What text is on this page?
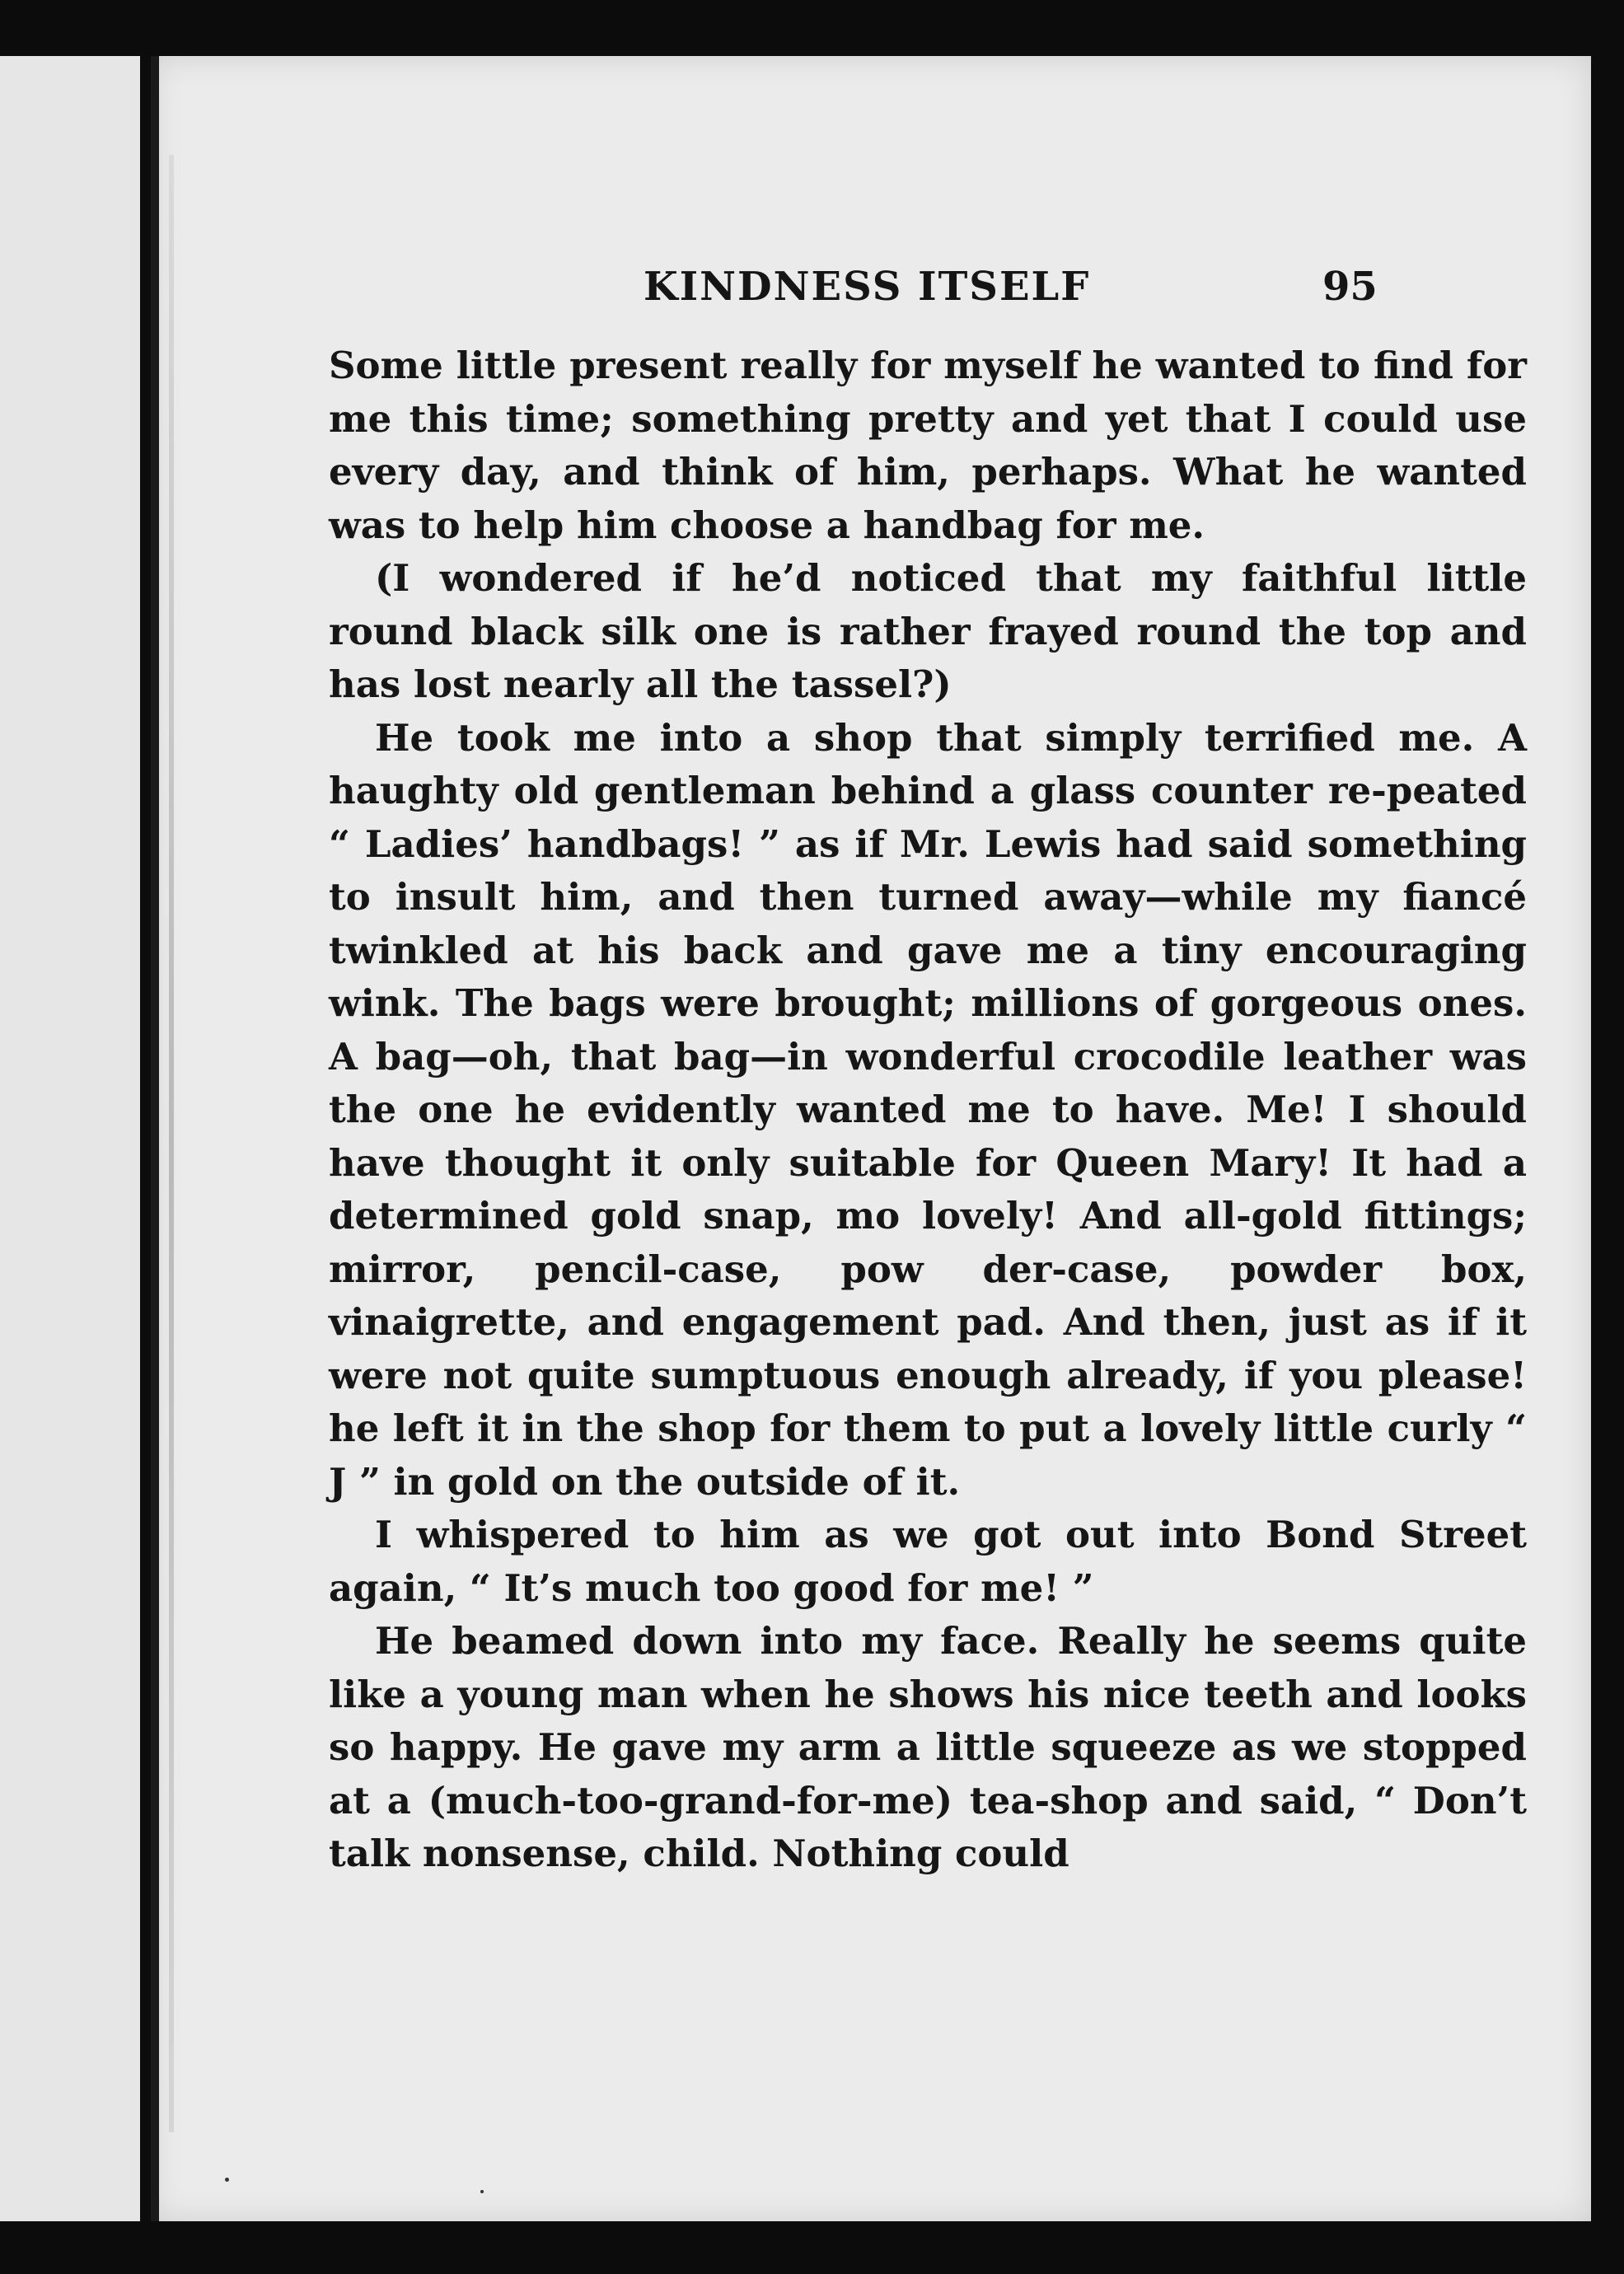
KINDNESS ITSELF	95

Some little present really for myself he wanted to find for me this time; something pretty and yet that I could use every day, and think of him, perhaps. What he wanted was to help him choose a handbag for me.

(I wondered if he’d noticed that my faithful little round black silk one is rather frayed round the top and has lost nearly all the tassel?)

He took me into a shop that simply terrified me. A haughty old gentleman behind a glass counter re-peated “ Ladies’ handbags! ” as if Mr. Lewis had said something to insult him, and then turned away—while my fiancé twinkled at his back and gave me a tiny encouraging wink. The bags were brought; millions of gorgeous ones. A bag—oh, that bag—in wonderful crocodile leather was the one he evidently wanted me to have. Me! I should have thought it only suitable for Queen Mary! It had a determined gold snap, mo lovely! And all-gold fittings; mirror, pencil-case, pow der-case, powder box, vinaigrette, and engagement pad. And then, just as if it were not quite sumptuous enough already, if you please! he left it in the shop for them to put a lovely little curly “ J ” in gold on the outside of it.

I whispered to him as we got out into Bond Street again, “ It’s much too good for me! ”

He beamed down into my face. Really he seems quite like a young man when he shows his nice teeth and looks so happy. He gave my arm a little squeeze as we stopped at a (much-too-grand-for-me) tea-shop and said, “ Don’t talk nonsense, child. Nothing could
